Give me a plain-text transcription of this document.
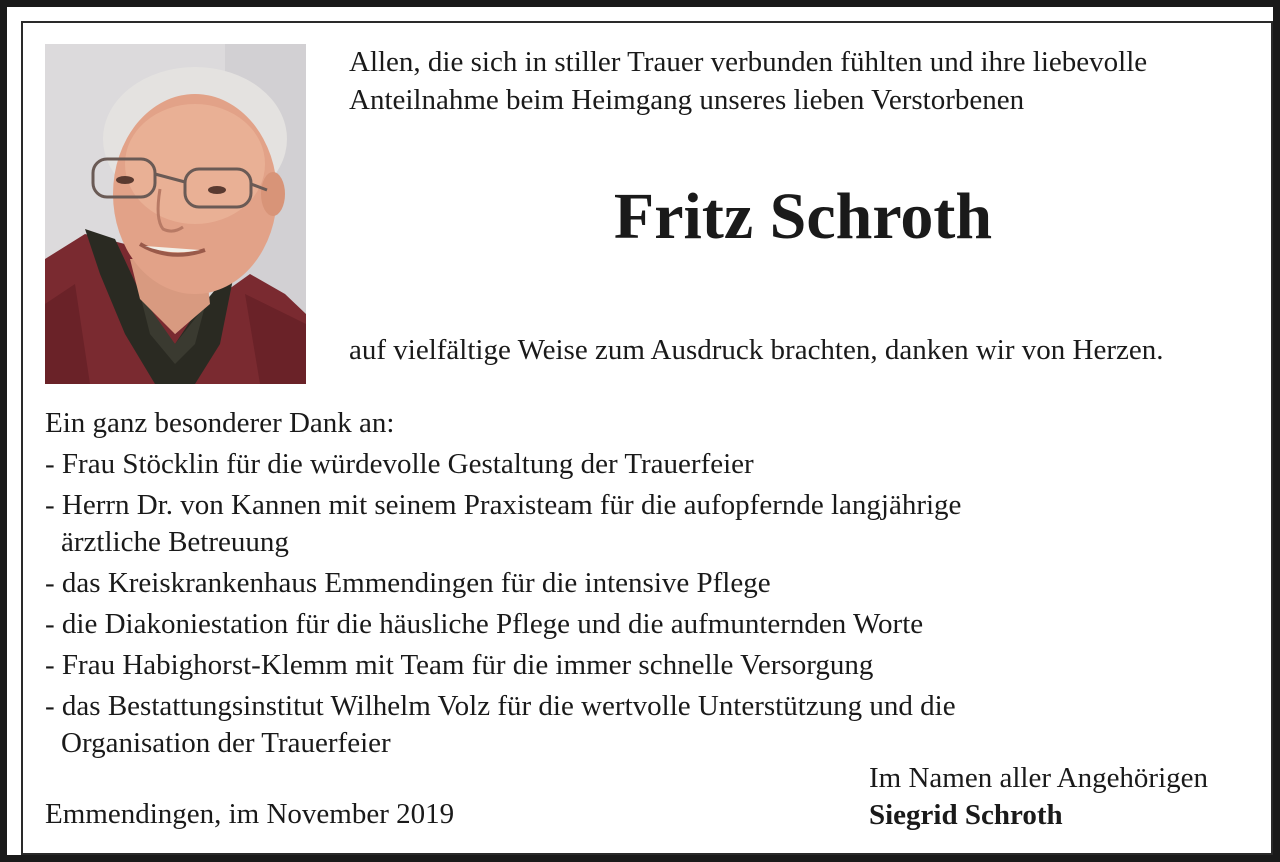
Allen, die sich in stiller Trauer verbunden fühlten und ihre liebevolle
Anteilnahme beim Heimgang unseres lieben Verstorbenen
Fritz Schroth
auf vielfältige Weise zum Ausdruck brachten, danken wir von Herzen.
Ein ganz besonderer Dank an:
- Frau Stöcklin für die würdevolle Gestaltung der Trauerfeier
- Herrn Dr. von Kannen mit seinem Praxisteam für die aufopfernde langjährige
ärztliche Betreuung
- das Kreiskrankenhaus Emmendingen für die intensive Pflege
- die Diakoniestation für die häusliche Pflege und die aufmunternden Worte
- Frau Habighorst-Klemm mit Team für die immer schnelle Versorgung
- das Bestattungsinstitut Wilhelm Volz für die wertvolle Unterstützung und die
Organisation der Trauerfeier
Emmendingen, im November 2019
Im Namen aller Angehörigen
Siegrid Schroth
